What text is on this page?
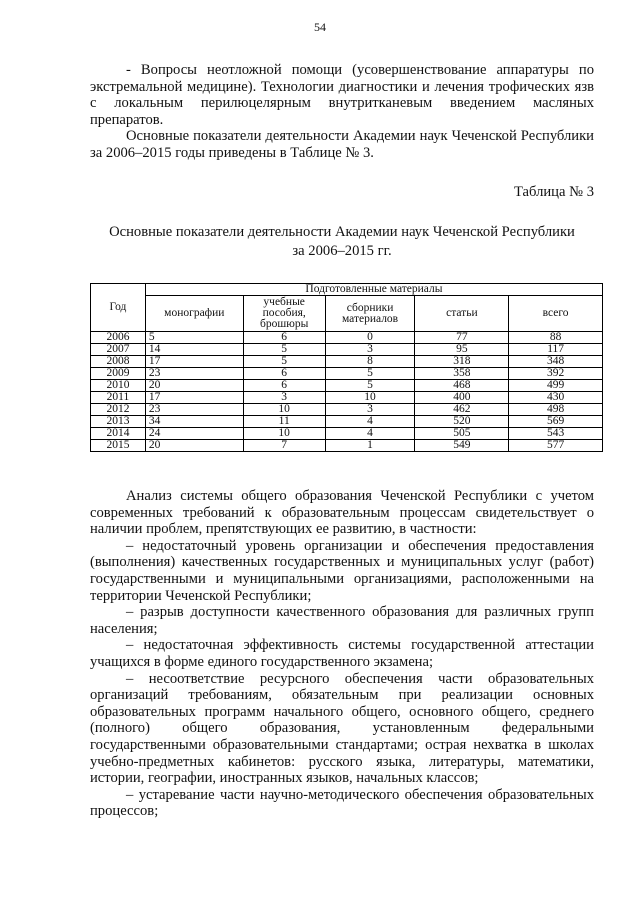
54

- Вопросы неотложной помощи (усовершенствование аппаратуры по экстремальной медицине). Технологии диагностики и лечения трофических язв с локальным перилюцелярным внутритканевым введением масляных препаратов.

Основные показатели деятельности Академии наук Чеченской Республики за 2006–2015 годы приведены в Таблице № 3.

Таблица № 3
Основные показатели деятельности Академии наук Чеченской Республики
за 2006–2015 гг.
Год	Подготовленные материалы				
	монографии	учебные пособия, брошюры	сборники материалов	статьи	всего
2006	5	6	0	77	88
2007	14	5	3	95	117
2008	17	5	8	318	348
2009	23	6	5	358	392
2010	20	6	5	468	499
2011	17	3	10	400	430
2012	23	10	3	462	498
2013	34	11	4	520	569
2014	24	10	4	505	543
2015	20	7	1	549	577

Анализ системы общего образования Чеченской Республики с учетом современных требований к образовательным процессам свидетельствует о наличии проблем, препятствующих ее развитию, в частности:

– недостаточный уровень организации и обеспечения предоставления (выполнения) качественных государственных и муниципальных услуг (работ) государственными и муниципальными организациями, расположенными на территории Чеченской Республики;

– разрыв доступности качественного образования для различных групп населения;

– недостаточная эффективность системы государственной аттестации учащихся в форме единого государственного экзамена;

– несоответствие ресурсного обеспечения части образовательных организаций требованиям, обязательным при реализации основных образовательных программ начального общего, основного общего, среднего (полного) общего образования, установленным федеральными государственными образовательными стандартами; острая нехватка в школах учебно-предметных кабинетов: русского языка, литературы, математики, истории, географии, иностранных языков, начальных классов;

– устаревание части научно-методического обеспечения образовательных процессов;
